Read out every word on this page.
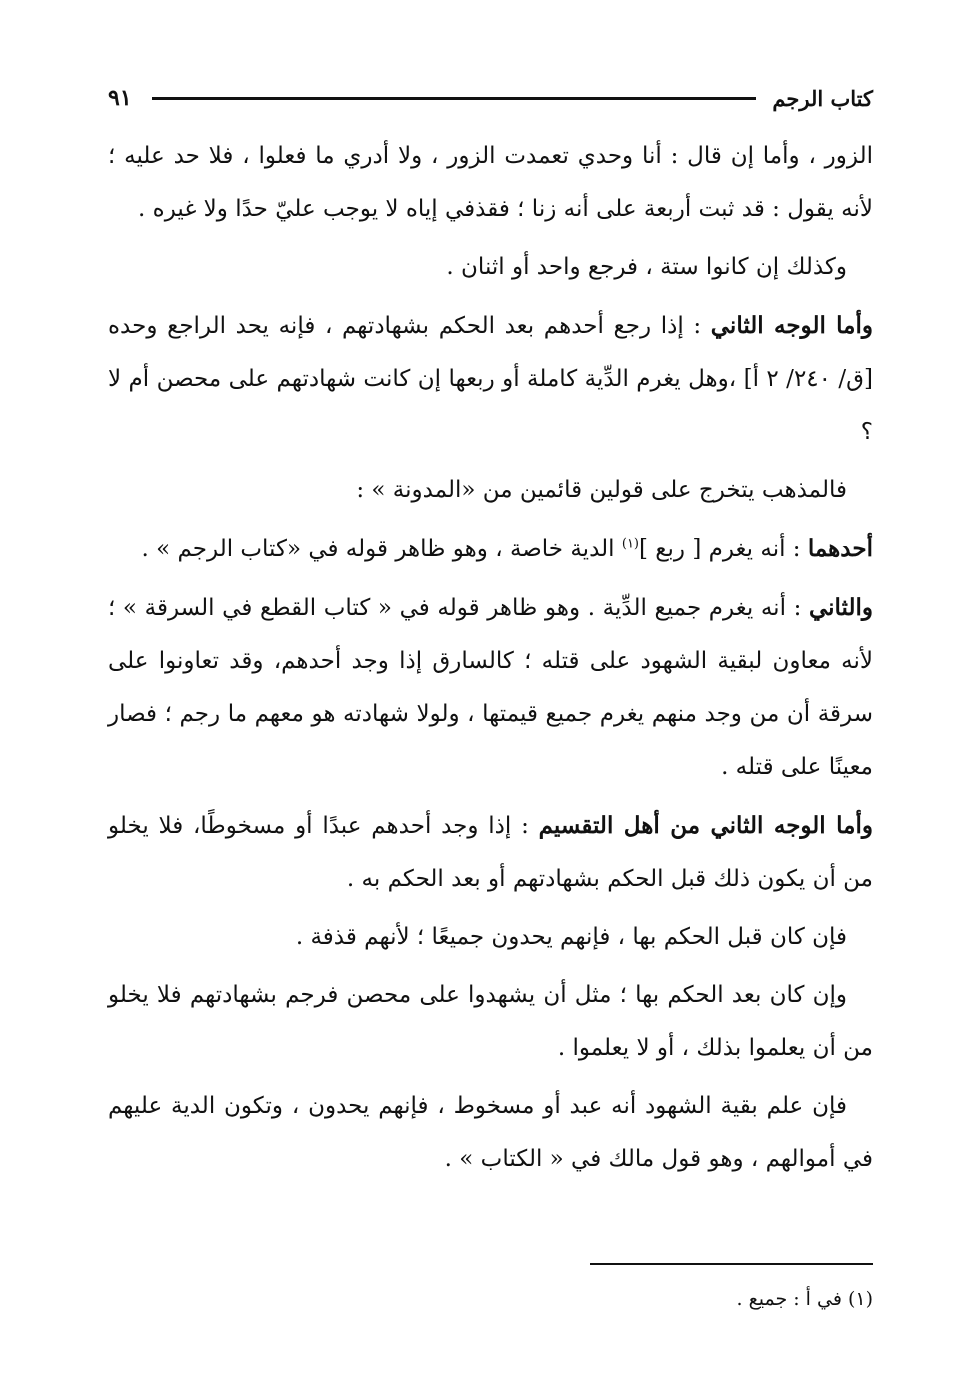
كتاب الرجم
٩١

الزور ، وأما إن قال : أنا وحدي تعمدت الزور ، ولا أدري ما فعلوا ، فلا حد عليه ؛ لأنه يقول : قد ثبت أربعة على أنه زنا ؛ فقذفي إياه لا يوجب عليّ حدًا ولا غيره .

وكذلك إن كانوا ستة ، فرجع واحد أو اثنان .

وأما الوجه الثاني : إذا رجع أحدهم بعد الحكم بشهادتهم ، فإنه يحد الراجع وحده [ق/ ٢٤٠/ ٢ أ] ،وهل يغرم الدِّية كاملة أو ربعها إن كانت شهادتهم على محصن أم لا ؟

فالمذهب يتخرج على قولين قائمين من «المدونة » :

أحدهما : أنه يغرم [ ربع ]$^{(١)}$ الدية خاصة ، وهو ظاهر قوله في «كتاب الرجم » .

والثاني : أنه يغرم جميع الدِّية . وهو ظاهر قوله في « كتاب القطع في السرقة » ؛ لأنه معاون لبقية الشهود على قتله ؛ كالسارق إذا وجد أحدهم، وقد تعاونوا على سرقة أن من وجد منهم يغرم جميع قيمتها ، ولولا شهادته هو معهم ما رجم ؛ فصار معينًا على قتله .

وأما الوجه الثاني من أهل التقسيم : إذا وجد أحدهم عبدًا أو مسخوطًا، فلا يخلو من أن يكون ذلك قبل الحكم بشهادتهم أو بعد الحكم به .

فإن كان قبل الحكم بها ، فإنهم يحدون جميعًا ؛ لأنهم قذفة .

وإن كان بعد الحكم بها ؛ مثل أن يشهدوا على محصن فرجم بشهادتهم فلا يخلو من أن يعلموا بذلك ، أو لا يعلموا .

فإن علم بقية الشهود أنه عبد أو مسخوط ، فإنهم يحدون ، وتكون الدية عليهم في أموالهم ، وهو قول مالك في « الكتاب » .

(١) في أ : جميع .
